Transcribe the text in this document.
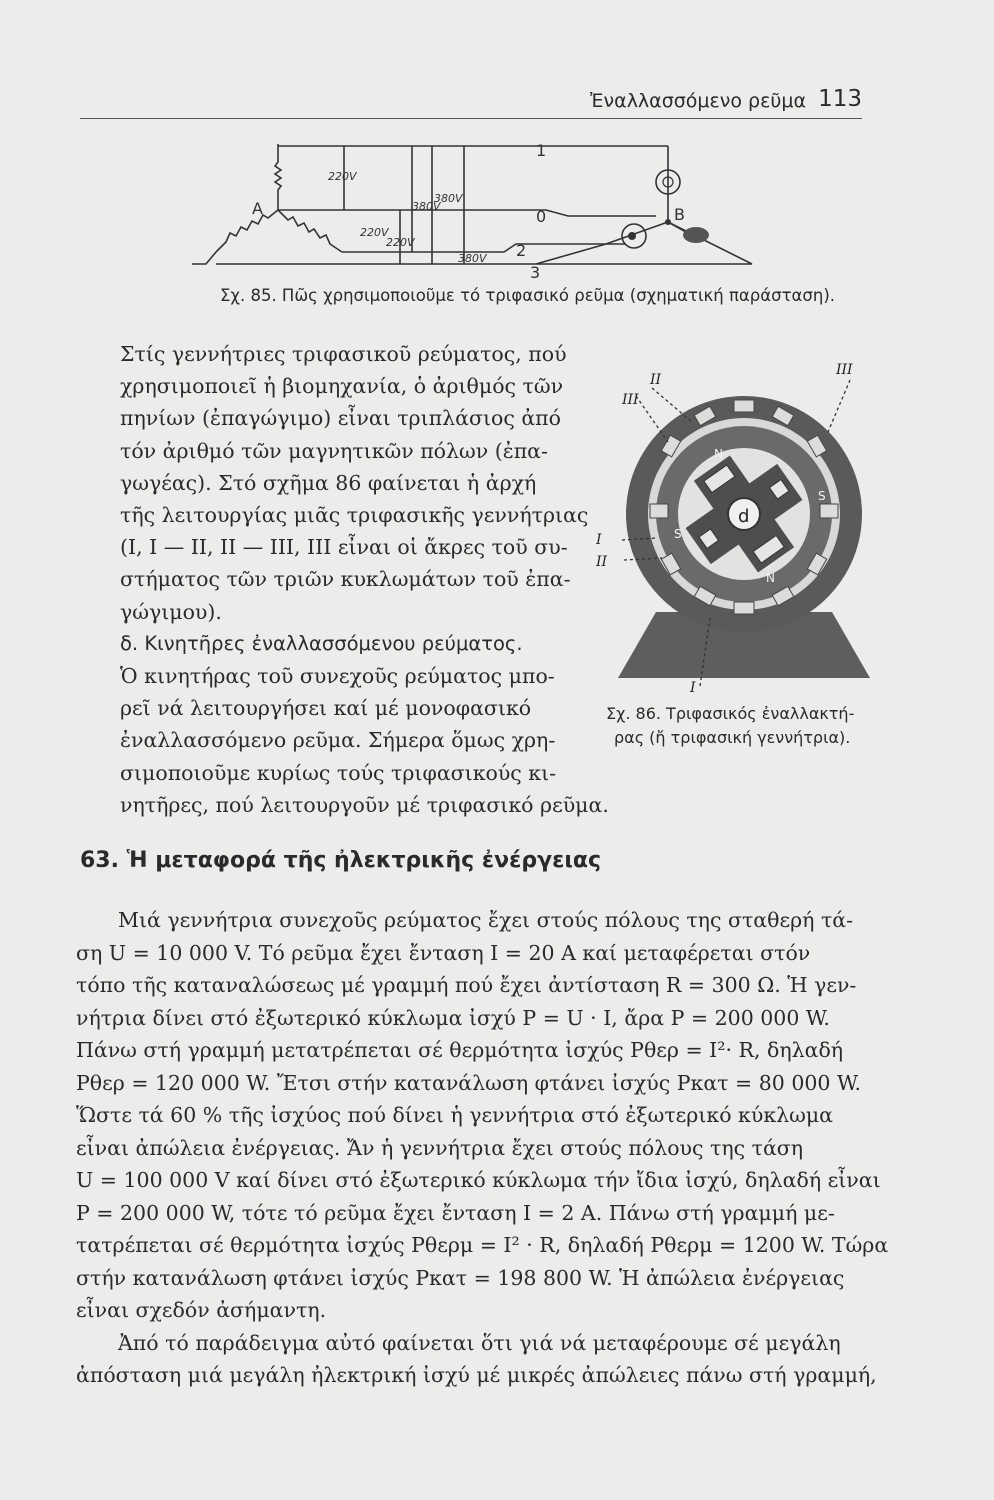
Ἐναλλασσόμενο ρεῦμα 113
220V
220V
220V
380V
380V
380V
A	B
1
0
2
3
Σχ. 85. Πῶς χρησιμοποιοῦμε τό τριφασικό ρεῦμα (σχηματική παράσταση).
d
II
III
III
I
II
I
N
N
S
S
Σχ. 86. Τριφασικός ἐναλλακτή-
ρας (ἤ τριφασική γεννήτρια).
Στίς γεννήτριες τριφασικοῦ ρεύματος, πού
χρησιμοποιεῖ ἡ βιομηχανία, ὁ ἀριθμός τῶν
πηνίων (ἐπαγώγιμο) εἶναι τριπλάσιος ἀπό
τόν ἀριθμό τῶν μαγνητικῶν πόλων (ἐπα-
γωγέας). Στό σχῆμα 86 φαίνεται ἡ ἀρχή
τῆς λειτουργίας μιᾶς τριφασικῆς γεννήτριας
(I, I — II, II — III, III εἶναι οἱ ἄκρες τοῦ συ-
στήματος τῶν τριῶν κυκλωμάτων τοῦ ἐπα-
γώγιμου).
δ. Κινητῆρες ἐναλλασσόμενου ρεύματος.
Ὁ κινητήρας τοῦ συνεχοῦς ρεύματος μπο-
ρεῖ νά λειτουργήσει καί μέ μονοφασικό
ἐναλλασσόμενο ρεῦμα. Σήμερα ὅμως χρη-
σιμοποιοῦμε κυρίως τούς τριφασικούς κι-
νητῆρες, πού λειτουργοῦν μέ τριφασικό ρεῦμα.
63. Ἡ μεταφορά τῆς ἠλεκτρικῆς ἐνέργειας
Μιά γεννήτρια συνεχοῦς ρεύματος ἔχει στούς πόλους της σταθερή τά-
ση U = 10 000 V. Τό ρεῦμα ἔχει ἔνταση I = 20 A καί μεταφέρεται στόν
τόπο τῆς καταναλώσεως μέ γραμμή πού ἔχει ἀντίσταση R = 300 Ω. Ἡ γεν-
νήτρια δίνει στό ἐξωτερικό κύκλωμα ἰσχύ P = U · I, ἄρα P = 200 000 W.
Πάνω στή γραμμή μετατρέπεται σέ θερμότητα ἰσχύς Pθερ = I²· R, δηλαδή
Pθερ = 120 000 W. Ἔτσι στήν κατανάλωση φτάνει ἰσχύς Pκατ = 80 000 W.
Ὥστε τά 60 % τῆς ἰσχύος πού δίνει ἡ γεννήτρια στό ἐξωτερικό κύκλωμα
εἶναι ἀπώλεια ἐνέργειας. Ἄν ἡ γεννήτρια ἔχει στούς πόλους της τάση
U = 100 000 V καί δίνει στό ἐξωτερικό κύκλωμα τήν ἴδια ἰσχύ, δηλαδή εἶναι
P = 200 000 W, τότε τό ρεῦμα ἔχει ἔνταση I = 2 A. Πάνω στή γραμμή με-
τατρέπεται σέ θερμότητα ἰσχύς Pθερμ = I² · R, δηλαδή Pθερμ = 1200 W. Τώρα
στήν κατανάλωση φτάνει ἰσχύς Pκατ = 198 800 W. Ἡ ἀπώλεια ἐνέργειας
εἶναι σχεδόν ἀσήμαντη.
Ἀπό τό παράδειγμα αὐτό φαίνεται ὅτι γιά νά μεταφέρουμε σέ μεγάλη
ἀπόσταση μιά μεγάλη ἠλεκτρική ἰσχύ μέ μικρές ἀπώλειες πάνω στή γραμμή,
